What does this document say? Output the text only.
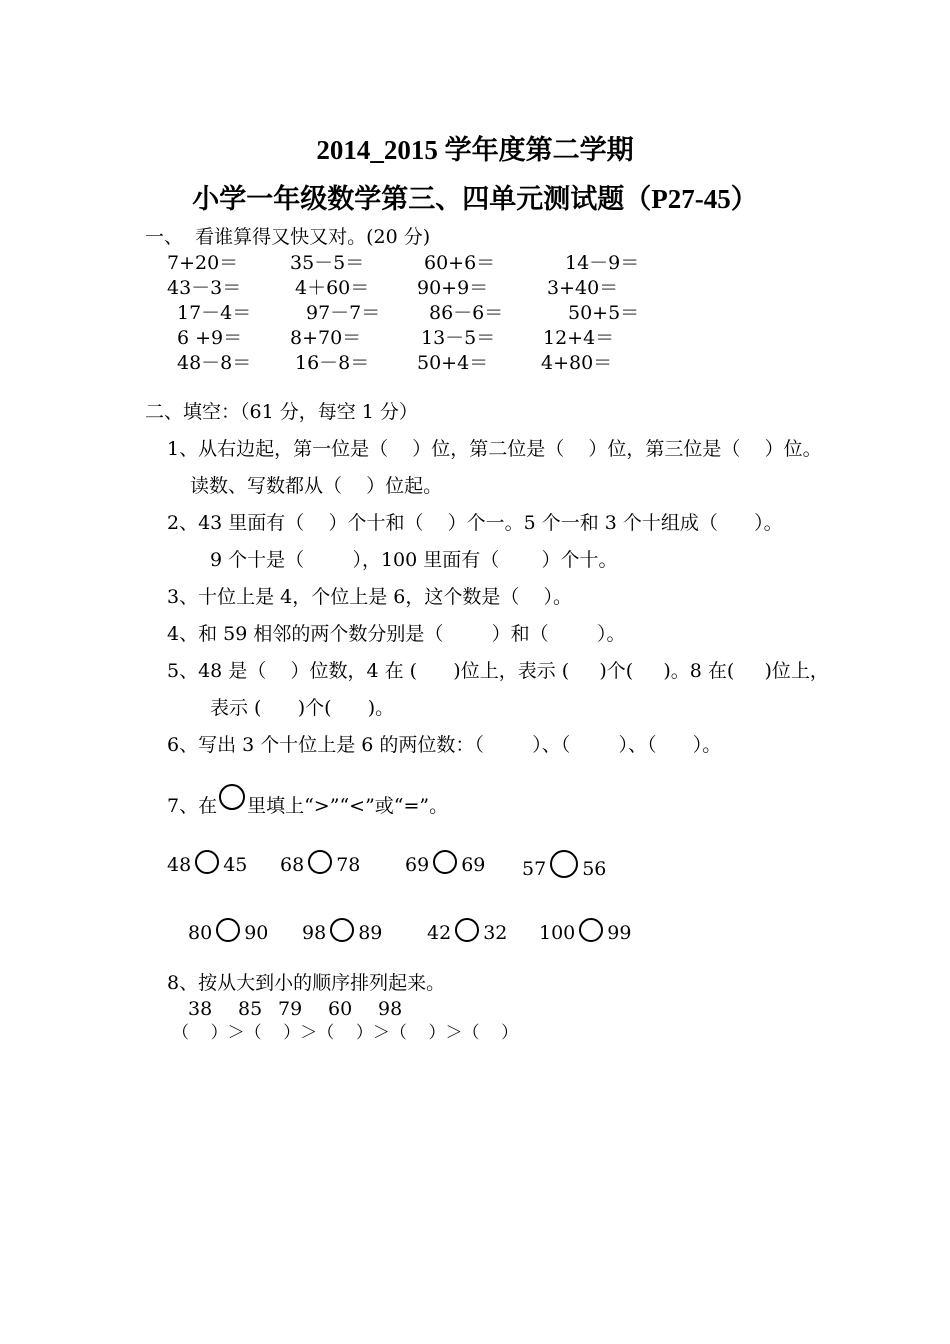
2014_2015 学年度第二学期
小学一年级数学第三、四单元测试题（P27-45）
一、  看谁算得又快又对。(20 分)
7+20＝	35－5＝	60+6＝	14－9＝
43－3＝	4＋60＝	90+9＝	3+40＝
17－4＝	97－7＝	86－6＝	50+5＝
6 +9＝	8+70＝	13－5＝	12+4＝
48－8＝ 16－8＝	50+4＝	4+80＝
二、填空：（61 分，每空 1 分）
1、从右边起，第一位是（    ）位，第二位是（    ）位，第三位是（    ）位。
读数、写数都从（    ）位起。
2、43 里面有（    ）个十和（    ）个一。5 个一和 3 个十组成（      ）。
9 个十是（        ），100 里面有（       ）个十。
3、十位上是 4，个位上是 6，这个数是（    ）。
4、和 59 相邻的两个数分别是（        ）和（        ）。
5、48 是（    ）位数，4 在 (      )位上，表示 (     )个(     )。8 在(     )位上，
表示 (      )个(      )。
6、写出 3 个十位上是 6 的两位数：（        ）、（        ）、（      ）。
7、在 里填上“>”“<”或“=”。
48 45 68 78 69 69 57 56
80 90 98 89 42 32 100 99
8、按从大到小的顺序排列起来。
38 85 79 60 98
（    ）＞（    ）＞（    ）＞（    ）＞（    ）
